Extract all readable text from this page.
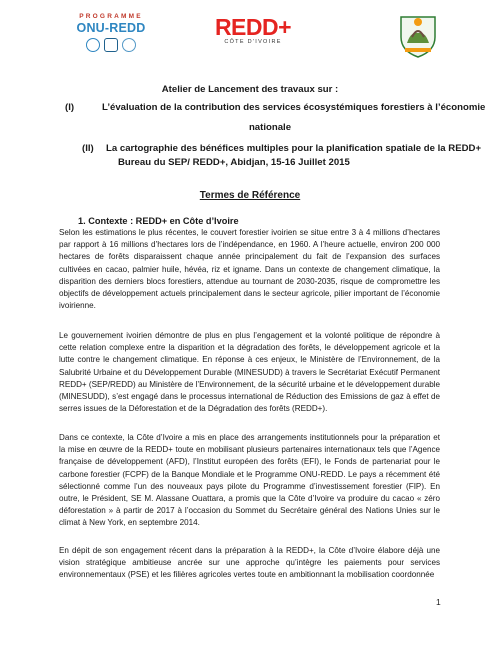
PROGRAMME
ONU-REDD	REDD+
CÔTE D'IVOIRE
Atelier de Lancement des travaux sur :
(I)	L’évaluation de la contribution des services écosystémiques forestiers à l’économie
nationale
(II) La cartographie des bénéfices multiples pour la planification spatiale de la REDD+
Bureau du SEP/ REDD+, Abidjan, 15-16 Juillet 2015
Termes de Référence
1. Contexte : REDD+ en Côte d’Ivoire
Selon les estimations le plus récentes, le couvert forestier ivoirien se situe entre 3 à 4 millions d’hectares par rapport à 16 millions d’hectares lors de l’indépendance, en 1960. A l’heure actuelle, environ 200 000 hectares de forêts disparaissent chaque année principalement du fait de l’expansion des surfaces cultivées en cacao, palmier huile, hévéa, riz et igname. Dans un contexte de changement climatique, la disparition des derniers blocs forestiers, attendue au tournant de 2030-2035, risque de compromettre les objectifs de développement actuels principalement dans le secteur agricole, pilier important de l’économie ivoirienne.
Le gouvernement ivoirien démontre de plus en plus l’engagement et la volonté politique de répondre à cette relation complexe entre la disparition et la dégradation des forêts, le développement agricole et la lutte contre le changement climatique. En réponse à ces enjeux, le Ministère de l’Environnement, de la Salubrité Urbaine et du Développement Durable (MINESUDD) à travers le Secrétariat Exécutif Permanent REDD+ (SEP/REDD) au Ministère de l’Environnement, de la sécurité urbaine et le développement durable (MINESUDD), s’est engagé dans le processus international de Réduction des Emissions de gaz à effet de serres issues de la Déforestation et de la Dégradation des forêts (REDD+).
Dans ce contexte, la Côte d’Ivoire a mis en place des arrangements institutionnels pour la préparation et la mise en œuvre de la REDD+ toute en mobilisant plusieurs partenaires internationaux tels que l’Agence française de développement (AFD), l’Institut européen des forêts (EFI), le Fonds de partenariat pour le carbone forestier (FCPF) de la Banque Mondiale et le Programme ONU-REDD. Le pays a récemment été sélectionné comme l’un des nouveaux pays pilote du Programme d’investissement forestier (FIP). En outre, le Président, SE M. Alassane Ouattara, a promis que la Côte d’Ivoire va produire du cacao « zéro déforestation » à partir de 2017 à l’occasion du Sommet du Secrétaire général des Nations Unies sur le climat à New York, en septembre 2014.
En dépit de son engagement récent dans la préparation à la REDD+, la Côte d’Ivoire élabore déjà une vision stratégique ambitieuse ancrée sur une approche qu’intègre les paiements pour services environnementaux (PSE) et les filières agricoles vertes toute en ambitionnant la mobilisation coordonnée
1
